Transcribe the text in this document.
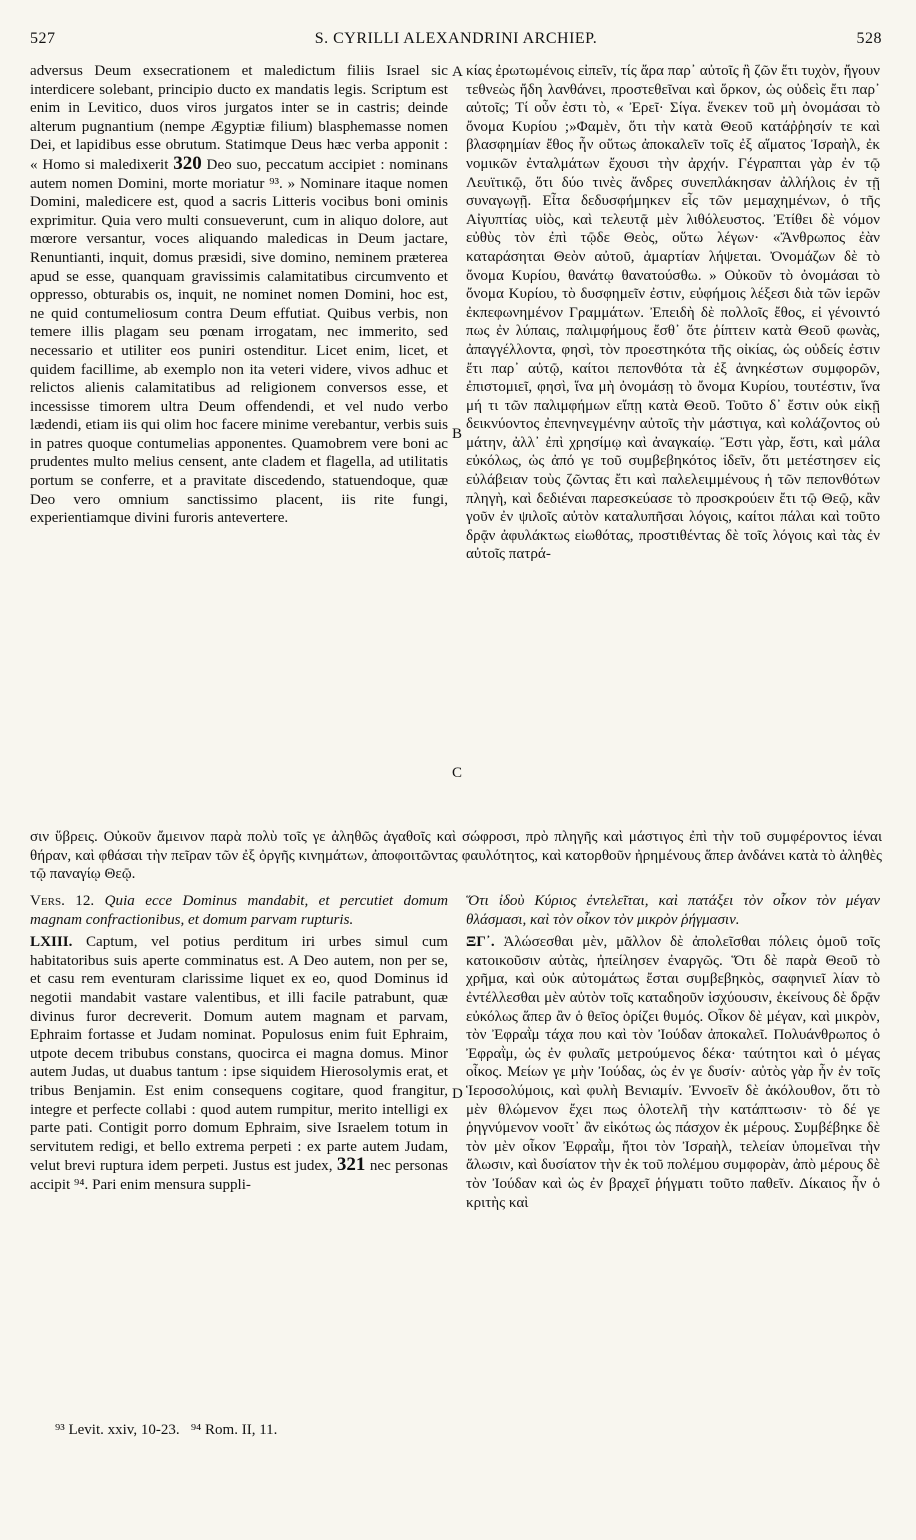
527	S. CYRILLI ALEXANDRINI ARCHIEP.	528

adversus Deum exsecrationem et maledictum filiis Israel sic interdicere solebant, principio ducto ex mandatis legis. Scriptum est enim in Levitico, duos viros jurgatos inter se in castris; deinde alterum pugnantium (nempe Ægyptiæ filium) blasphemasse nomen Dei, et lapidibus esse obrutum. Statimque Deus hæc verba apponit : « Homo si maledixerit 320 Deo suo, peccatum accipiet : nominans autem nomen Domini, morte moriatur ⁹³. » Nominare itaque nomen Domini, maledicere est, quod a sacris Litteris vocibus boni ominis exprimitur. Quia vero multi consueverunt, cum in aliquo dolore, aut mœrore versantur, voces aliquando maledicas in Deum jactare, Renuntianti, inquit, domus præsidi, sive domino, neminem præterea apud se esse, quanquam gravissimis calamitatibus circumvento et oppresso, obturabis os, inquit, ne nominet nomen Domini, hoc est, ne quid contumeliosum contra Deum effutiat. Quibus verbis, non temere illis plagam seu pœnam irrogatam, nec immerito, sed necessario et utiliter eos puniri ostenditur. Licet enim, licet, et quidem facillime, ab exemplo non ita veteri videre, vivos adhuc et relictos alienis calamitatibus ad religionem conversos esse, et incessisse timorem ultra Deum offendendi, et vel nudo verbo lædendi, etiam iis qui olim hoc facere minime verebantur, verbis suis in patres quoque contumelias apponentes. Quamobrem vere boni ac prudentes multo melius censent, ante cladem et flagella, ad utilitatis portum se conferre, et a pravitate discedendo, statuendoque, quæ Deo vero omnium sanctissimo placent, iis rite fungi, experientiamque divini furoris antevertere.

κίας ἐρωτωμένοις εἰπεῖν, τίς ἄρα παρ᾽ αὐτοῖς ἢ ζῶν ἔτι τυχὸν, ἤγουν τεθνεὼς ἤδη λανθάνει, προστεθεῖναι καὶ ὅρκον, ὡς οὐδεὶς ἔτι παρ᾽ αὐτοῖς; Τί οὖν ἐστι τὸ, « Ἐρεῖ· Σίγα. ἕνεκεν τοῦ μὴ ὀνομάσαι τὸ ὄνομα Κυρίου ;»Φαμὲν, ὅτι τὴν κατὰ Θεοῦ κατάῤῥησίν τε καὶ βλασφημίαν ἔθος ἦν οὕτως ἀποκαλεῖν τοῖς ἐξ αἵματος Ἰσραὴλ, ἐκ νομικῶν ἐνταλμάτων ἔχουσι τὴν ἀρχήν. Γέγραπται γὰρ ἐν τῷ Λευϊτικῷ, ὅτι δύο τινὲς ἄνδρες συνεπλάκησαν ἀλλήλοις ἐν τῇ συναγωγῇ. Εἶτα δεδυσφήμηκεν εἷς τῶν μεμαχημένων, ὁ τῆς Αἰγυπτίας υἱὸς, καὶ τελευτᾷ μὲν λιθόλευστος. Ἐτίθει δὲ νόμον εὐθὺς τὸν ἐπὶ τῷδε Θεὸς, οὕτω λέγων· «Ἄνθρωπος ἐὰν καταράσηται Θεὸν αὐτοῦ, ἁμαρτίαν λήψεται. Ὀνομάζων δὲ τὸ ὄνομα Κυρίου, θανάτῳ θανατούσθω. » Οὐκοῦν τὸ ὀνομάσαι τὸ ὄνομα Κυρίου, τὸ δυσφημεῖν ἐστιν, εὐφήμοις λέξεσι διὰ τῶν ἱερῶν ἐκπεφωνημένον Γραμμάτων. Ἐπειδὴ δὲ πολλοῖς ἔθος, εἰ γένοιντό πως ἐν λύπαις, παλιμφήμους ἔσθ᾽ ὅτε ῥίπτειν κατὰ Θεοῦ φωνὰς, ἀπαγγέλλοντα, φησὶ, τὸν προεστηκότα τῆς οἰκίας, ὡς οὐδείς ἐστιν ἔτι παρ᾽ αὐτῷ, καίτοι πεπονθότα τὰ ἐξ ἀνηκέστων συμφορῶν, ἐπιστομιεῖ, φησὶ, ἵνα μὴ ὀνομάσῃ τὸ ὄνομα Κυρίου, τουτέστιν, ἵνα μή τι τῶν παλιμφήμων εἴπῃ κατὰ Θεοῦ. Τοῦτο δ᾽ ἔστιν οὐκ εἰκῇ δεικνύοντος ἐπενηνεγμένην αὐτοῖς τὴν μάστιγα, καὶ κολάζοντος οὐ μάτην, ἀλλ᾽ ἐπὶ χρησίμῳ καὶ ἀναγκαίῳ. Ἔστι γὰρ, ἔστι, καὶ μάλα εὐκόλως, ὡς ἀπό γε τοῦ συμβεβηκότος ἰδεῖν, ὅτι μετέστησεν εἰς εὐλάβειαν τοὺς ζῶντας ἔτι καὶ παλελειμμένους ἡ τῶν πεπονθότων πληγὴ, καὶ δεδιέναι παρεσκεύασε τὸ προσκρούειν ἔτι τῷ Θεῷ, κἂν γοῦν ἐν ψιλοῖς αὐτὸν καταλυπῆσαι λόγοις, καίτοι πάλαι καὶ τοῦτο δρᾷν ἀφυλάκτως εἰωθότας, προστιθέντας δὲ τοῖς λόγοις καὶ τὰς ἐν αὐτοῖς πατρά-

A
B
C
D
σιν ὕβρεις. Οὐκοῦν ἄμεινον παρὰ πολὺ τοῖς γε ἀληθῶς ἀγαθοῖς καὶ σώφροσι, πρὸ πληγῆς καὶ μάστιγος ἐπὶ τὴν τοῦ συμφέροντος ἰέναι θήραν, καὶ φθάσαι τὴν πεῖραν τῶν ἐξ ὀργῆς κινημάτων, ἀποφοιτῶντας φαυλότητος, καὶ κατορθοῦν ἠρημένους ἅπερ ἀνδάνει κατὰ τὸ ἀληθὲς τῷ παναγίῳ Θεῷ.

Vers. 12. Quia ecce Dominus mandabit, et percutiet domum magnam confractionibus, et domum parvam rupturis.

LXIII. Captum, vel potius perditum iri urbes simul cum habitatoribus suis aperte comminatus est. A Deo autem, non per se, et casu rem eventuram clarissime liquet ex eo, quod Dominus id negotii mandabit vastare valentibus, et illi facile patrabunt, quæ divinus furor decreverit. Domum autem magnam et parvam, Ephraim fortasse et Judam nominat. Populosus enim fuit Ephraim, utpote decem tribubus constans, quocirca ei magna domus. Minor autem Judas, ut duabus tantum : ipse siquidem Hierosolymis erat, et tribus Benjamin. Est enim consequens cogitare, quod frangitur, integre et perfecte collabi : quod autem rumpitur, merito intelligi ex parte pati. Contigit porro domum Ephraim, sive Israelem totum in servitutem redigi, et bello extrema perpeti : ex parte autem Judam, velut brevi ruptura idem perpeti. Justus est judex, 321 nec personas accipit ⁹⁴. Pari enim mensura suppli-

Ὅτι ἰδοὺ Κύριος ἐντελεῖται, καὶ πατάξει τὸν οἶκον τὸν μέγαν θλάσμασι, καὶ τὸν οἶκον τὸν μικρὸν ῥήγμασιν.

ΞΓ᾽. Ἁλώσεσθαι μὲν, μᾶλλον δὲ ἀπολεῖσθαι πόλεις ὁμοῦ τοῖς κατοικοῦσιν αὐτὰς, ἠπείλησεν ἐναργῶς. Ὅτι δὲ παρὰ Θεοῦ τὸ χρῆμα, καὶ οὐκ αὐτομάτως ἔσται συμβεβηκὸς, σαφηνιεῖ λίαν τὸ ἐντέλλεσθαι μὲν αὐτὸν τοῖς καταδηοῦν ἰσχύουσιν, ἐκείνους δὲ δρᾷν εὐκόλως ἅπερ ἂν ὁ θεῖος ὁρίζει θυμός. Οἶκον δὲ μέγαν, καὶ μικρὸν, τὸν Ἐφραῒμ τάχα που καὶ τὸν Ἰούδαν ἀποκαλεῖ. Πολυάνθρωπος ὁ Ἐφραῒμ, ὡς ἐν φυλαῖς μετρούμενος δέκα· ταύτητοι καὶ ὁ μέγας οἶκος. Μείων γε μὴν Ἰούδας, ὡς ἐν γε δυσίν· αὐτὸς γὰρ ἦν ἐν τοῖς Ἱεροσολύμοις, καὶ φυλὴ Βενιαμίν. Ἐννοεῖν δὲ ἀκόλουθον, ὅτι τὸ μὲν θλώμενον ἔχει πως ὁλοτελῆ τὴν κατάπτωσιν· τὸ δέ γε ῥηγνύμενον νοοῖτ᾽ ἂν εἰκότως ὡς πάσχον ἐκ μέρους. Συμβέβηκε δὲ τὸν μὲν οἶκον Ἐφραῒμ, ἤτοι τὸν Ἰσραὴλ, τελείαν ὑπομεῖναι τὴν ἅλωσιν, καὶ δυσίατον τὴν ἐκ τοῦ πολέμου συμφορὰν, ἀπὸ μέρους δὲ τὸν Ἰούδαν καὶ ὡς ἐν βραχεῖ ῥήγματι τοῦτο παθεῖν. Δίκαιος ἦν ὁ κριτὴς καὶ

⁹³ Levit. xxiv, 10-23.   ⁹⁴ Rom. II, 11.
